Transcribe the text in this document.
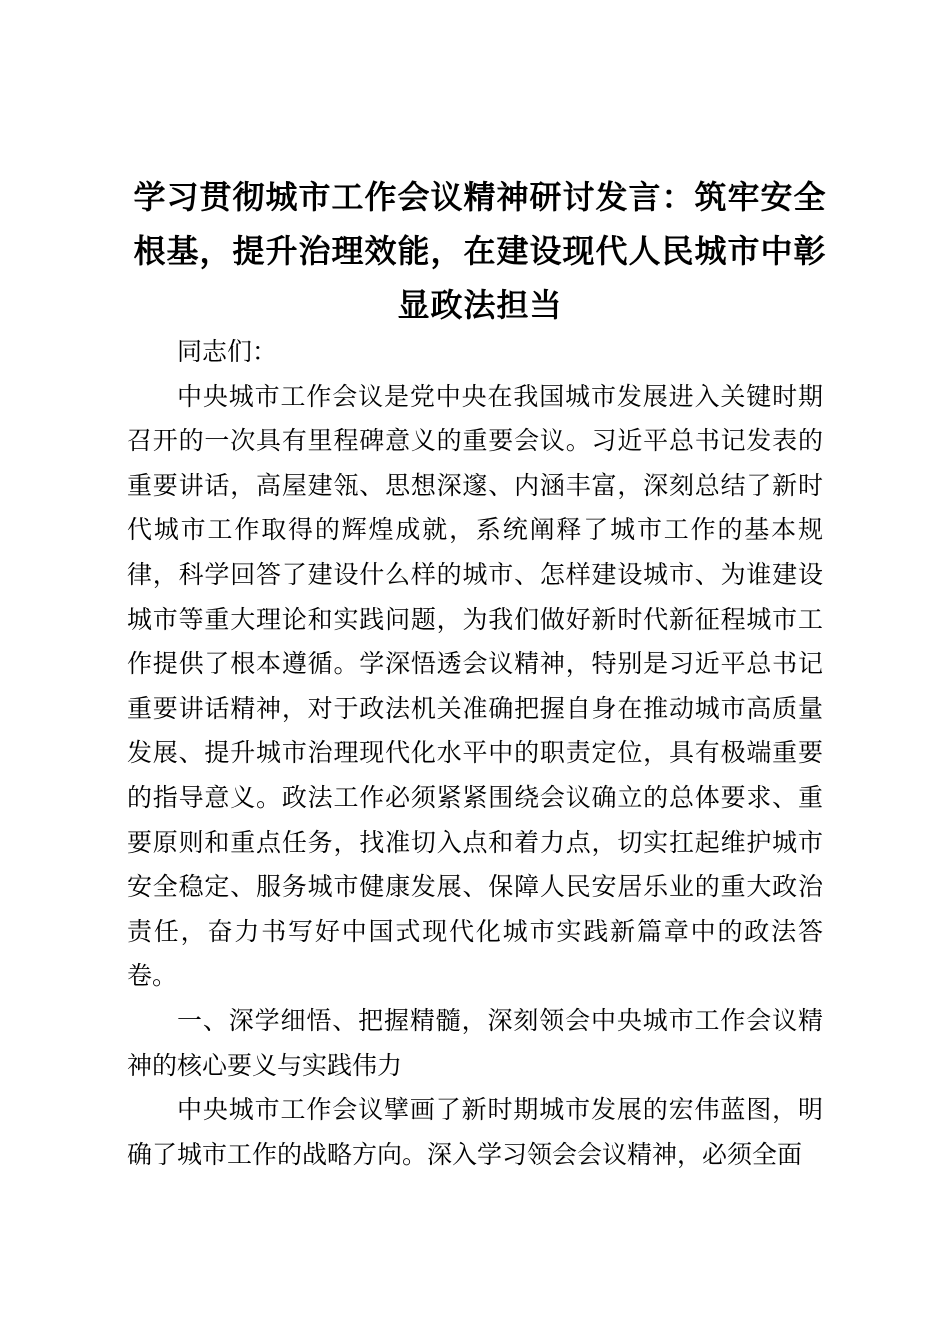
学习贯彻城市工作会议精神研讨发言：筑牢安全根基，提升治理效能，在建设现代人民城市中彰显政法担当

同志们：

中央城市工作会议是党中央在我国城市发展进入关键时期召开的一次具有里程碑意义的重要会议。习近平总书记发表的重要讲话，高屋建瓴、思想深邃、内涵丰富，深刻总结了新时代城市工作取得的辉煌成就，系统阐释了城市工作的基本规律，科学回答了建设什么样的城市、怎样建设城市、为谁建设城市等重大理论和实践问题，为我们做好新时代新征程城市工作提供了根本遵循。学深悟透会议精神，特别是习近平总书记重要讲话精神，对于政法机关准确把握自身在推动城市高质量发展、提升城市治理现代化水平中的职责定位，具有极端重要的指导意义。政法工作必须紧紧围绕会议确立的总体要求、重要原则和重点任务，找准切入点和着力点，切实扛起维护城市安全稳定、服务城市健康发展、保障人民安居乐业的重大政治责任，奋力书写好中国式现代化城市实践新篇章中的政法答卷。

一、深学细悟、把握精髓，深刻领会中央城市工作会议精神的核心要义与实践伟力

中央城市工作会议擘画了新时期城市发展的宏伟蓝图，明确了城市工作的战略方向。深入学习领会会议精神，必须全面
